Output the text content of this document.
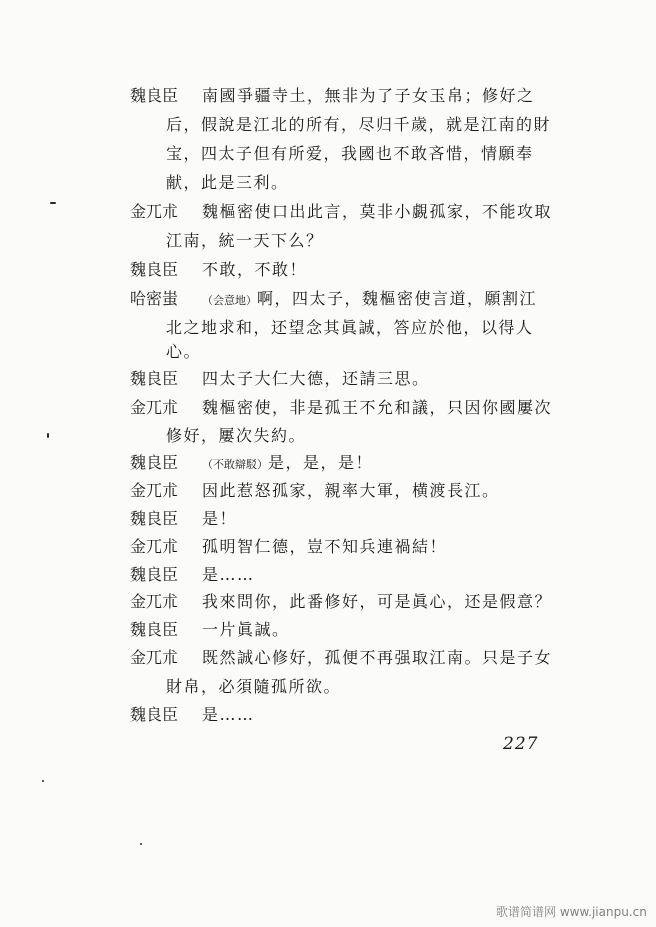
魏良臣 南國爭疆寺土，無非为了子女玉帛；修好之
后，假說是江北的所有，尽归千歲，就是江南的財
宝，四太子但有所爱，我國也不敢吝惜，情願奉
献，此是三利。
金兀朮 魏樞密使口出此言，莫非小覷孤家，不能攻取
江南，統一天下么？
魏良臣 不敢，不敢！
哈密蚩 （会意地）啊，四太子，魏樞密使言道，願割江
北之地求和，还望念其眞誠，答应於他，以得人
心。
魏良臣 四太子大仁大德，还請三思。
金兀朮 魏樞密使，非是孤王不允和議，只因你國屢次
修好，屢次失約。
魏良臣 （不敢辯駁）是，是，是！
金兀朮 因此惹怒孤家，親率大軍，横渡長江。
魏良臣 是！
金兀朮 孤明智仁德，豈不知兵連禍結！
魏良臣 是……
金兀朮 我來問你，此番修好，可是眞心，还是假意？
魏良臣 一片眞誠。
金兀朮 既然誠心修好，孤便不再强取江南。只是子女
財帛，必須隨孤所欲。
魏良臣 是……
227
歌谱简谱网 www.jianpu.cn
